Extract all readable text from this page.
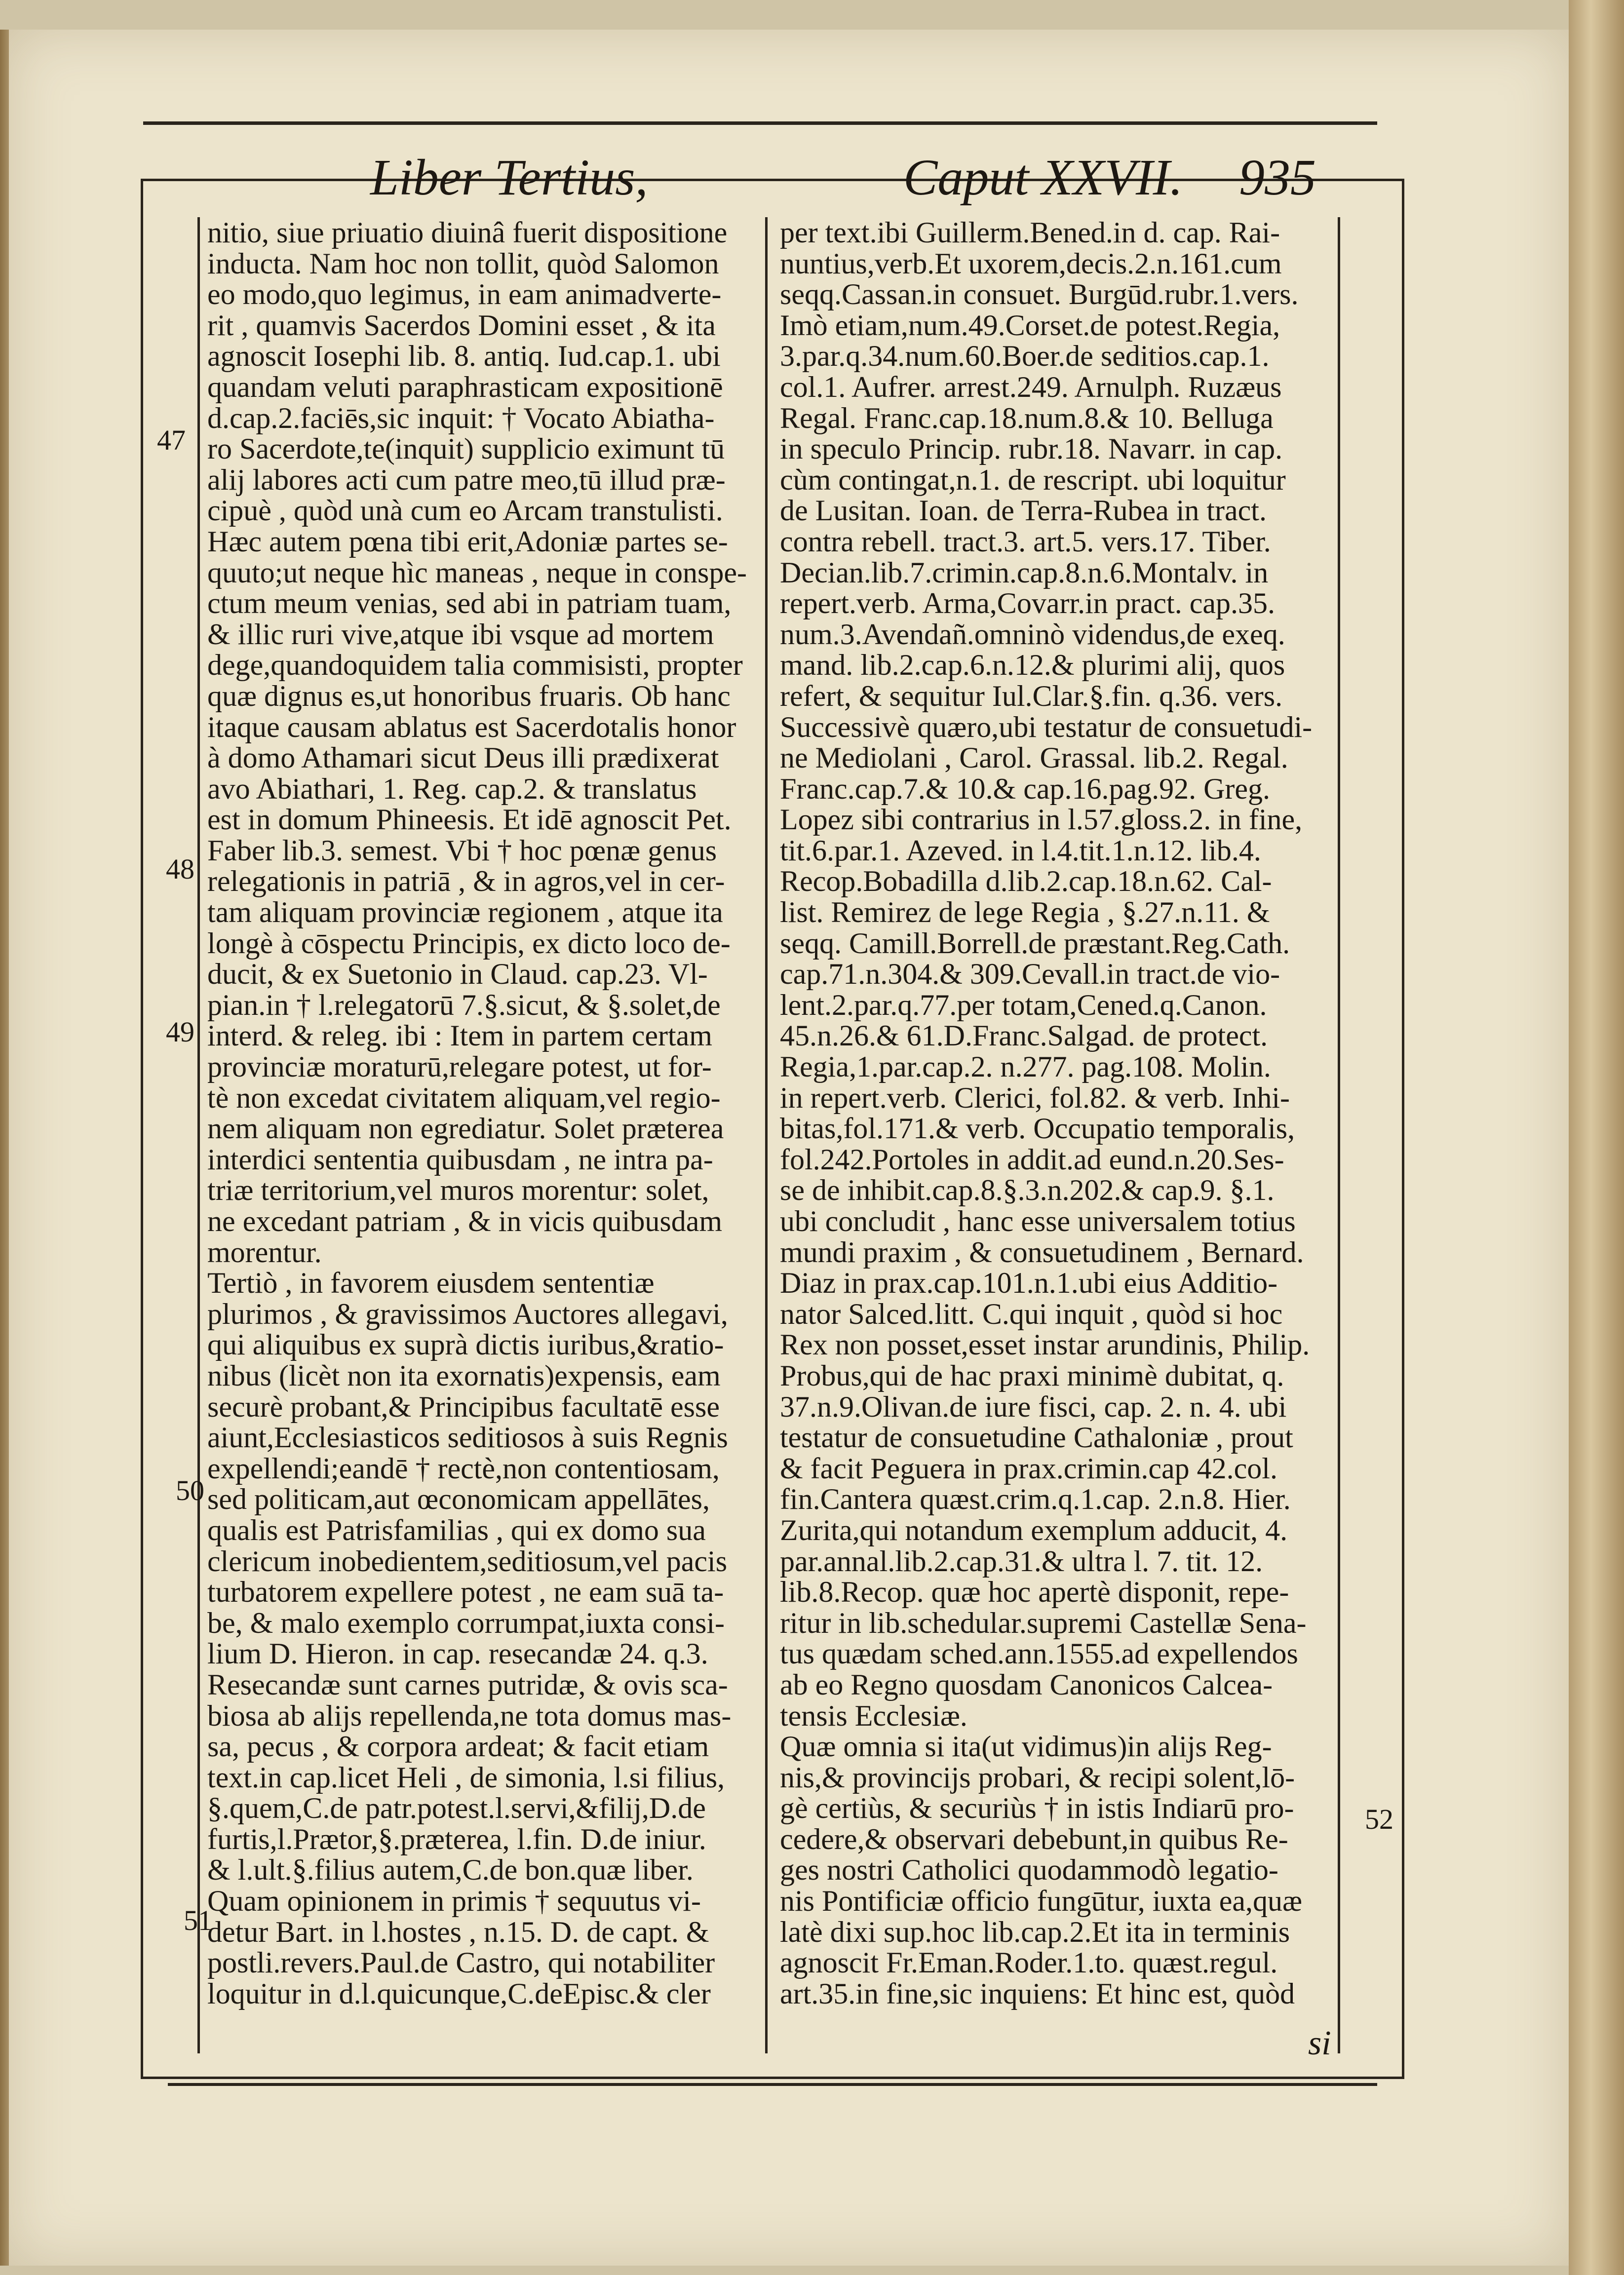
Liber Tertius,	Caput XXVII. 935
47
48
49
50
51
52

nitio, siue priuatio diuinâ fuerit dispositione

inducta. Nam hoc non tollit, quòd Salomon

eo modo,quo legimus, in eam animadverte-

rit , quamvis Sacerdos Domini esset , & ita

agnoscit Iosephi lib. 8. antiq. Iud.cap.1. ubi

quandam veluti paraphrasticam expositionē

d.cap.2.faciēs,sic inquit: † Vocato Abiatha-

ro Sacerdote,te(inquit) supplicio eximunt tū

alij labores acti cum patre meo,tū illud præ-

cipuè , quòd unà cum eo Arcam transtulisti.

Hæc autem pœna tibi erit,Adoniæ partes se-

quuto;ut neque hìc maneas , neque in conspe-

ctum meum venias, sed abi in patriam tuam,

& illic ruri vive,atque ibi vsque ad mortem

dege,quandoquidem talia commisisti, propter

quæ dignus es,ut honoribus fruaris. Ob hanc

itaque causam ablatus est Sacerdotalis honor

à domo Athamari sicut Deus illi prædixerat

avo Abiathari, 1. Reg. cap.2. & translatus

est in domum Phineesis. Et idē agnoscit Pet.

Faber lib.3. semest. Vbi † hoc pœnæ genus

relegationis in patriā , & in agros,vel in cer-

tam aliquam provinciæ regionem , atque ita

longè à cōspectu Principis, ex dicto loco de-

ducit, & ex Suetonio in Claud. cap.23. Vl-

pian.in † l.relegatorū 7.§.sicut, & §.solet,de

interd. & releg. ibi : Item in partem certam

provinciæ moraturū,relegare potest, ut for-

tè non excedat civitatem aliquam,vel regio-

nem aliquam non egrediatur. Solet præterea

interdici sententia quibusdam , ne intra pa-

triæ territorium,vel muros morentur: solet,

ne excedant patriam , & in vicis quibusdam

morentur.

Tertiò , in favorem eiusdem sententiæ

plurimos , & gravissimos Auctores allegavi,

qui aliquibus ex suprà dictis iuribus,&ratio-

nibus (licèt non ita exornatis)expensis, eam

securè probant,& Principibus facultatē esse

aiunt,Ecclesiasticos seditiosos à suis Regnis

expellendi;eandē † rectè,non contentiosam,

sed politicam,aut œconomicam appellātes,

qualis est Patrisfamilias , qui ex domo sua

clericum inobedientem,seditiosum,vel pacis

turbatorem expellere potest , ne eam suā ta-

be, & malo exemplo corrumpat,iuxta consi-

lium D. Hieron. in cap. resecandæ 24. q.3.

Resecandæ sunt carnes putridæ, & ovis sca-

biosa ab alijs repellenda,ne tota domus mas-

sa, pecus , & corpora ardeat; & facit etiam

text.in cap.licet Heli , de simonia, l.si filius,

§.quem,C.de patr.potest.l.servi,&filij,D.de

furtis,l.Prætor,§.præterea, l.fin. D.de iniur.

& l.ult.§.filius autem,C.de bon.quæ liber.

Quam opinionem in primis † sequutus vi-

detur Bart. in l.hostes , n.15. D. de capt. &

postli.revers.Paul.de Castro, qui notabiliter

loquitur in d.l.quicunque,C.deEpisc.& cler

per text.ibi Guillerm.Bened.in d. cap. Rai-

nuntius,verb.Et uxorem,decis.2.n.161.cum

seqq.Cassan.in consuet. Burgūd.rubr.1.vers.

Imò etiam,num.49.Corset.de potest.Regia,

3.par.q.34.num.60.Boer.de seditios.cap.1.

col.1. Aufrer. arrest.249. Arnulph. Ruzæus

Regal. Franc.cap.18.num.8.& 10. Belluga

in speculo Princip. rubr.18. Navarr. in cap.

cùm contingat,n.1. de rescript. ubi loquitur

de Lusitan. Ioan. de Terra-Rubea in tract.

contra rebell. tract.3. art.5. vers.17. Tiber.

Decian.lib.7.crimin.cap.8.n.6.Montalv. in

repert.verb. Arma,Covarr.in pract. cap.35.

num.3.Avendañ.omninò videndus,de exeq.

mand. lib.2.cap.6.n.12.& plurimi alij, quos

refert, & sequitur Iul.Clar.§.fin. q.36. vers.

Successivè quæro,ubi testatur de consuetudi-

ne Mediolani , Carol. Grassal. lib.2. Regal.

Franc.cap.7.& 10.& cap.16.pag.92. Greg.

Lopez sibi contrarius in l.57.gloss.2. in fine,

tit.6.par.1. Azeved. in l.4.tit.1.n.12. lib.4.

Recop.Bobadilla d.lib.2.cap.18.n.62. Cal-

list. Remirez de lege Regia , §.27.n.11. &

seqq. Camill.Borrell.de præstant.Reg.Cath.

cap.71.n.304.& 309.Cevall.in tract.de vio-

lent.2.par.q.77.per totam,Cened.q.Canon.

45.n.26.& 61.D.Franc.Salgad. de protect.

Regia,1.par.cap.2. n.277. pag.108. Molin.

in repert.verb. Clerici, fol.82. & verb. Inhi-

bitas,fol.171.& verb. Occupatio temporalis,

fol.242.Portoles in addit.ad eund.n.20.Ses-

se de inhibit.cap.8.§.3.n.202.& cap.9. §.1.

ubi concludit , hanc esse universalem totius

mundi praxim , & consuetudinem , Bernard.

Diaz in prax.cap.101.n.1.ubi eius Additio-

nator Salced.litt. C.qui inquit , quòd si hoc

Rex non posset,esset instar arundinis, Philip.

Probus,qui de hac praxi minimè dubitat, q.

37.n.9.Olivan.de iure fisci, cap. 2. n. 4. ubi

testatur de consuetudine Cathaloniæ , prout

& facit Peguera in prax.crimin.cap 42.col.

fin.Cantera quæst.crim.q.1.cap. 2.n.8. Hier.

Zurita,qui notandum exemplum adducit, 4.

par.annal.lib.2.cap.31.& ultra l. 7. tit. 12.

lib.8.Recop. quæ hoc apertè disponit, repe-

ritur in lib.schedular.supremi Castellæ Sena-

tus quædam sched.ann.1555.ad expellendos

ab eo Regno quosdam Canonicos Calcea-

tensis Ecclesiæ.

Quæ omnia si ita(ut vidimus)in alijs Reg-

nis,& provincijs probari, & recipi solent,lō-

gè certiùs, & securiùs † in istis Indiarū pro-

cedere,& observari debebunt,in quibus Re-

ges nostri Catholici quodammodò legatio-

nis Pontificiæ officio fungūtur, iuxta ea,quæ

latè dixi sup.hoc lib.cap.2.Et ita in terminis

agnoscit Fr.Eman.Roder.1.to. quæst.regul.

art.35.in fine,sic inquiens: Et hinc est, quòd

si
